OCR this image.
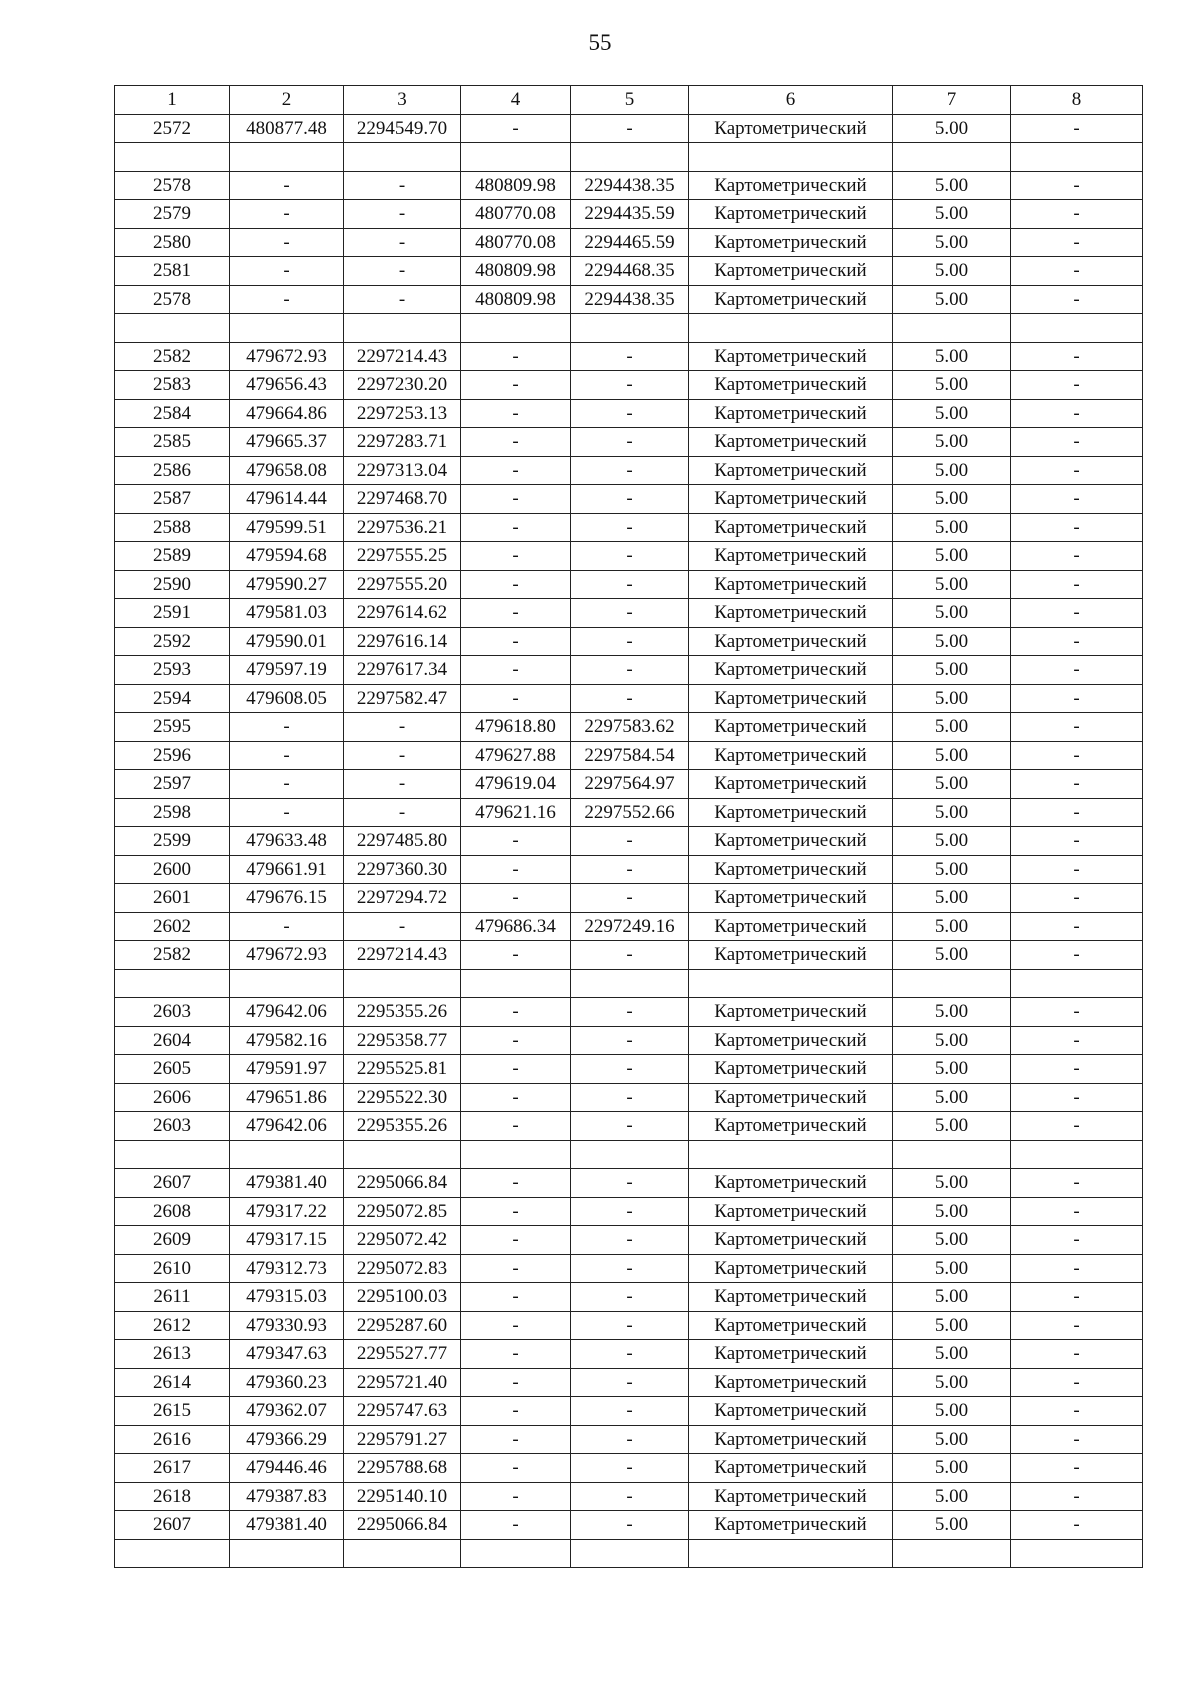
55
1	2	3	4	5	6	7	8
2572	480877.48	2294549.70	-	-	Картометрический	5.00	-

2578	-	-	480809.98	2294438.35	Картометрический	5.00	-
2579	-	-	480770.08	2294435.59	Картометрический	5.00	-
2580	-	-	480770.08	2294465.59	Картометрический	5.00	-
2581	-	-	480809.98	2294468.35	Картометрический	5.00	-
2578	-	-	480809.98	2294438.35	Картометрический	5.00	-

2582	479672.93	2297214.43	-	-	Картометрический	5.00	-
2583	479656.43	2297230.20	-	-	Картометрический	5.00	-
2584	479664.86	2297253.13	-	-	Картометрический	5.00	-
2585	479665.37	2297283.71	-	-	Картометрический	5.00	-
2586	479658.08	2297313.04	-	-	Картометрический	5.00	-
2587	479614.44	2297468.70	-	-	Картометрический	5.00	-
2588	479599.51	2297536.21	-	-	Картометрический	5.00	-
2589	479594.68	2297555.25	-	-	Картометрический	5.00	-
2590	479590.27	2297555.20	-	-	Картометрический	5.00	-
2591	479581.03	2297614.62	-	-	Картометрический	5.00	-
2592	479590.01	2297616.14	-	-	Картометрический	5.00	-
2593	479597.19	2297617.34	-	-	Картометрический	5.00	-
2594	479608.05	2297582.47	-	-	Картометрический	5.00	-
2595	-	-	479618.80	2297583.62	Картометрический	5.00	-
2596	-	-	479627.88	2297584.54	Картометрический	5.00	-
2597	-	-	479619.04	2297564.97	Картометрический	5.00	-
2598	-	-	479621.16	2297552.66	Картометрический	5.00	-
2599	479633.48	2297485.80	-	-	Картометрический	5.00	-
2600	479661.91	2297360.30	-	-	Картометрический	5.00	-
2601	479676.15	2297294.72	-	-	Картометрический	5.00	-
2602	-	-	479686.34	2297249.16	Картометрический	5.00	-
2582	479672.93	2297214.43	-	-	Картометрический	5.00	-

2603	479642.06	2295355.26	-	-	Картометрический	5.00	-
2604	479582.16	2295358.77	-	-	Картометрический	5.00	-
2605	479591.97	2295525.81	-	-	Картометрический	5.00	-
2606	479651.86	2295522.30	-	-	Картометрический	5.00	-
2603	479642.06	2295355.26	-	-	Картометрический	5.00	-

2607	479381.40	2295066.84	-	-	Картометрический	5.00	-
2608	479317.22	2295072.85	-	-	Картометрический	5.00	-
2609	479317.15	2295072.42	-	-	Картометрический	5.00	-
2610	479312.73	2295072.83	-	-	Картометрический	5.00	-
2611	479315.03	2295100.03	-	-	Картометрический	5.00	-
2612	479330.93	2295287.60	-	-	Картометрический	5.00	-
2613	479347.63	2295527.77	-	-	Картометрический	5.00	-
2614	479360.23	2295721.40	-	-	Картометрический	5.00	-
2615	479362.07	2295747.63	-	-	Картометрический	5.00	-
2616	479366.29	2295791.27	-	-	Картометрический	5.00	-
2617	479446.46	2295788.68	-	-	Картометрический	5.00	-
2618	479387.83	2295140.10	-	-	Картометрический	5.00	-
2607	479381.40	2295066.84	-	-	Картометрический	5.00	-
